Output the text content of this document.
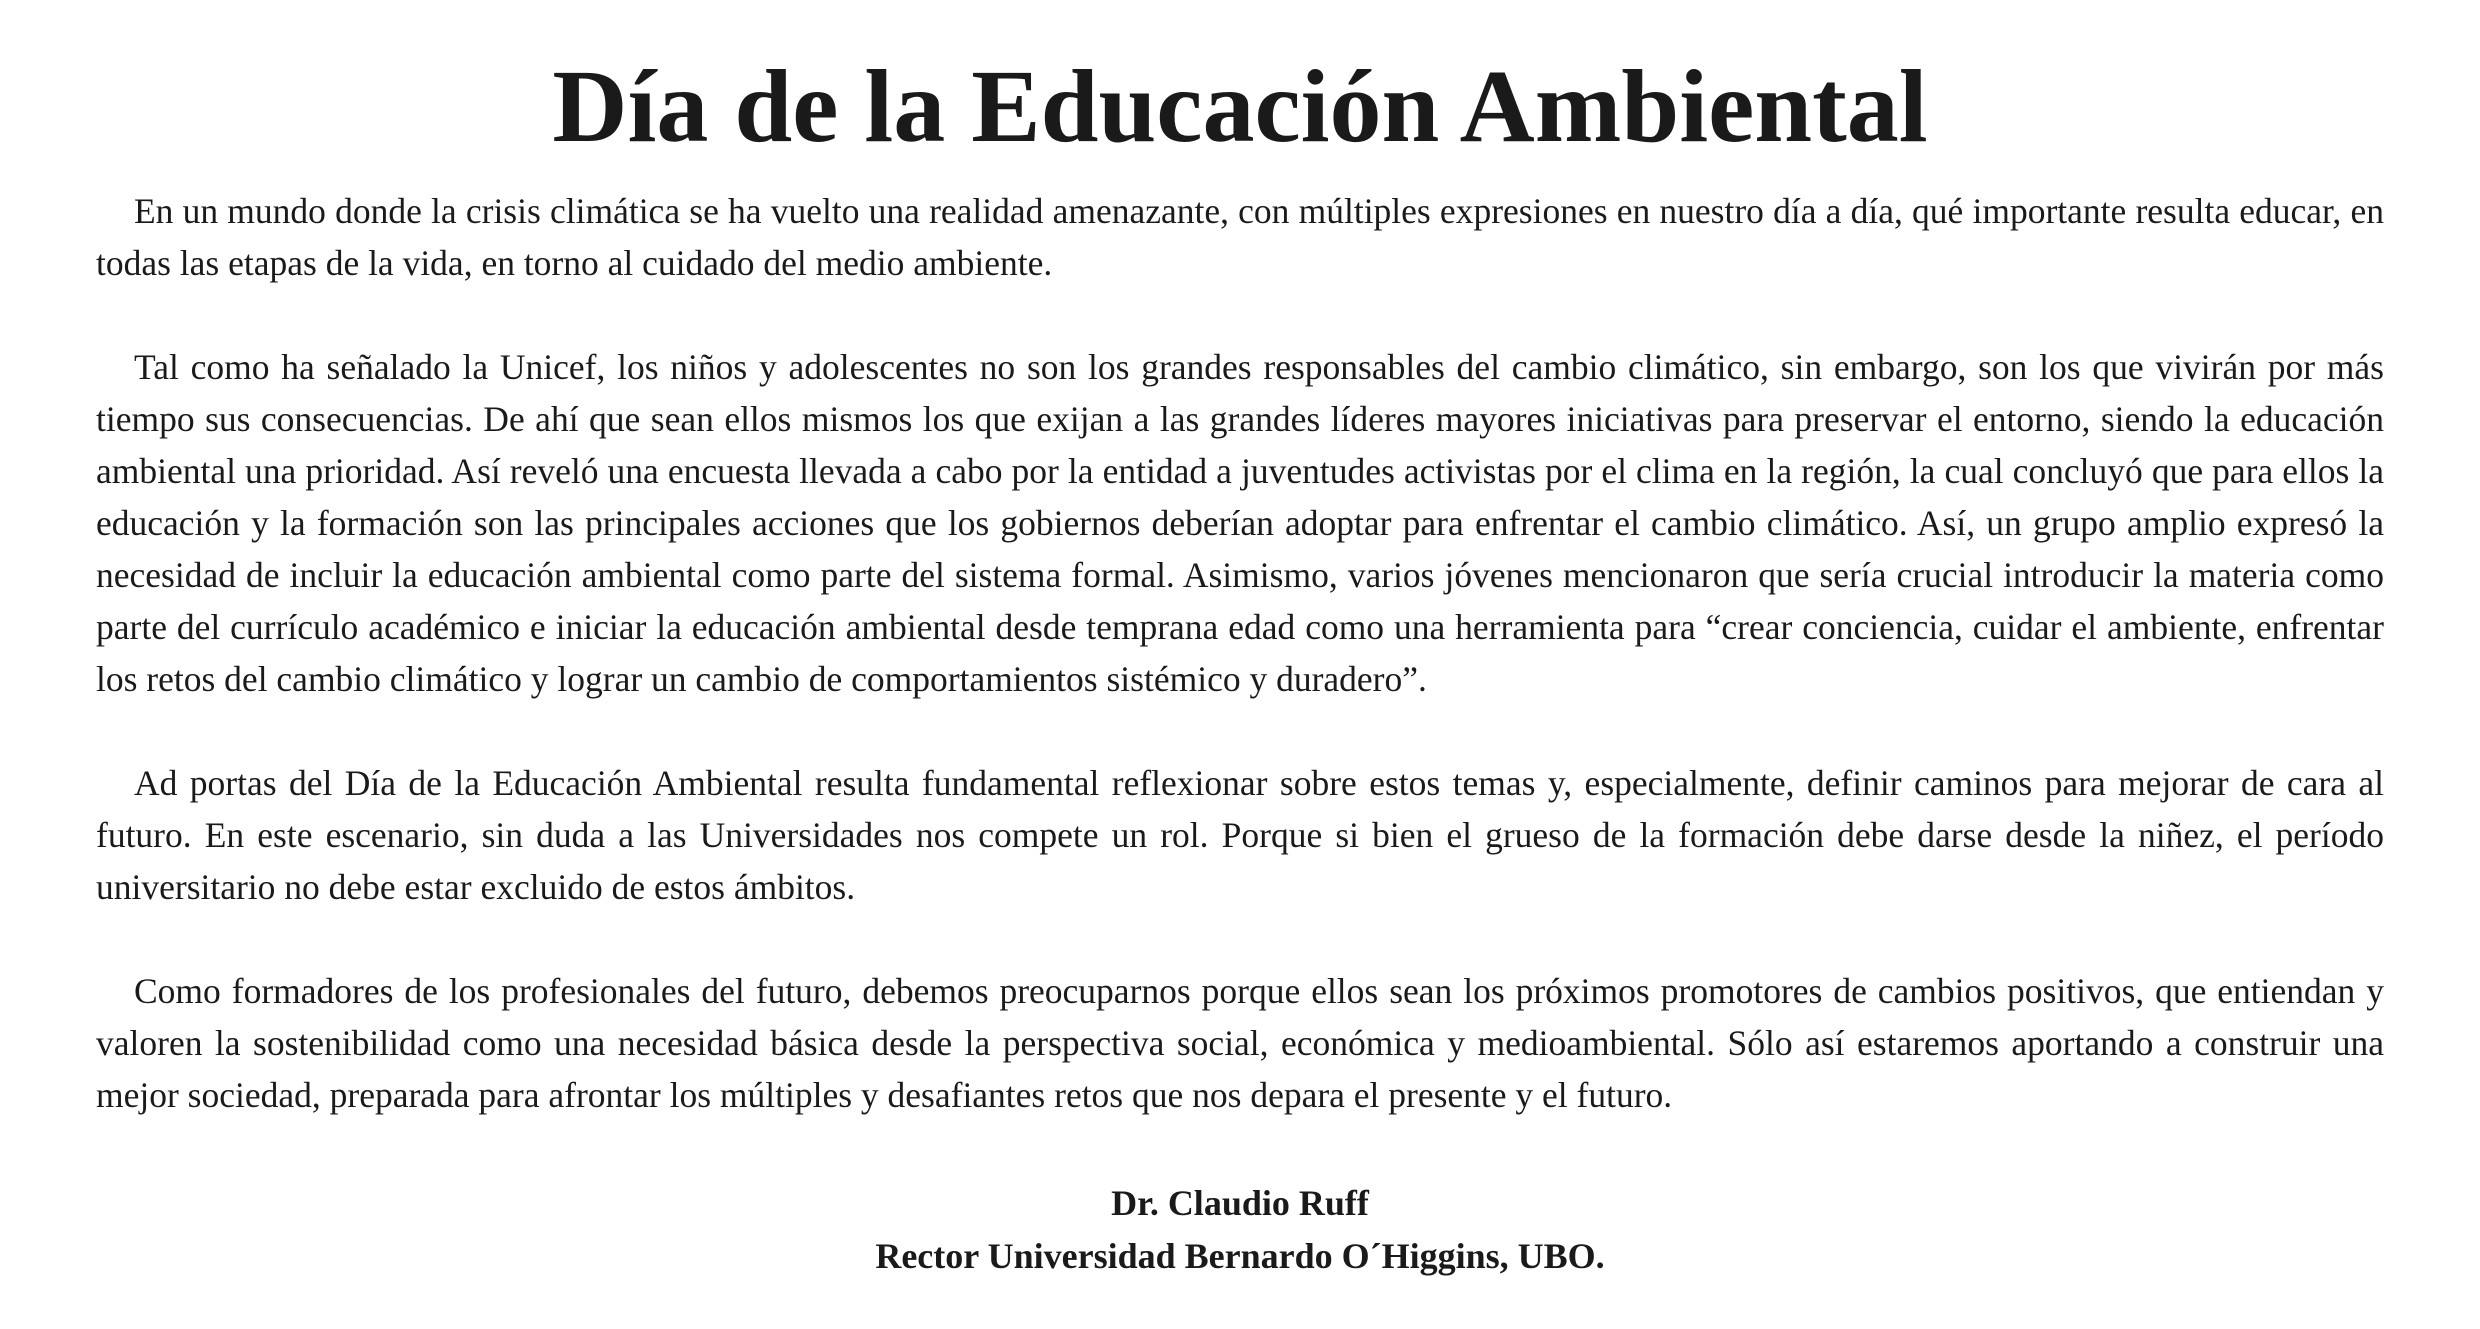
Día de la Educación Ambiental

En un mundo donde la crisis climática se ha vuelto una realidad amenazante, con múltiples expresiones en nuestro día a día, qué importante resulta educar, en todas las etapas de la vida, en torno al cuidado del medio ambiente.

Tal como ha señalado la Unicef, los niños y adolescentes no son los grandes responsables del cambio climático, sin embargo, son los que vivirán por más tiempo sus consecuencias. De ahí que sean ellos mismos los que exijan a las grandes líderes mayores iniciativas para preservar el entorno, siendo la educación ambiental una prioridad. Así reveló una encuesta llevada a cabo por la entidad a juventudes activistas por el clima en la región, la cual concluyó que para ellos la educación y la formación son las principales acciones que los gobiernos deberían adoptar para enfrentar el cambio climático. Así, un grupo amplio expresó la necesidad de incluir la educación ambiental como parte del sistema formal. Asimismo, varios jóvenes mencionaron que sería crucial introducir la materia como parte del currículo académico e iniciar la educación ambiental desde temprana edad como una herramienta para “crear conciencia, cuidar el ambiente, enfrentar los retos del cambio climático y lograr un cambio de comportamientos sistémico y duradero”.

Ad portas del Día de la Educación Ambiental resulta fundamental reflexionar sobre estos temas y, especialmente, definir caminos para mejorar de cara al futuro. En este escenario, sin duda a las Universidades nos compete un rol. Porque si bien el grueso de la formación debe darse desde la niñez, el período universitario no debe estar excluido de estos ámbitos.

Como formadores de los profesionales del futuro, debemos preocuparnos porque ellos sean los próximos promotores de cambios positivos, que entiendan y valoren la sostenibilidad como una necesidad básica desde la perspectiva social, económica y medioambiental. Sólo así estaremos aportando a construir una mejor sociedad, preparada para afrontar los múltiples y desafiantes retos que nos depara el presente y el futuro.

Dr. Claudio Ruff
Rector Universidad Bernardo O´Higgins, UBO.
